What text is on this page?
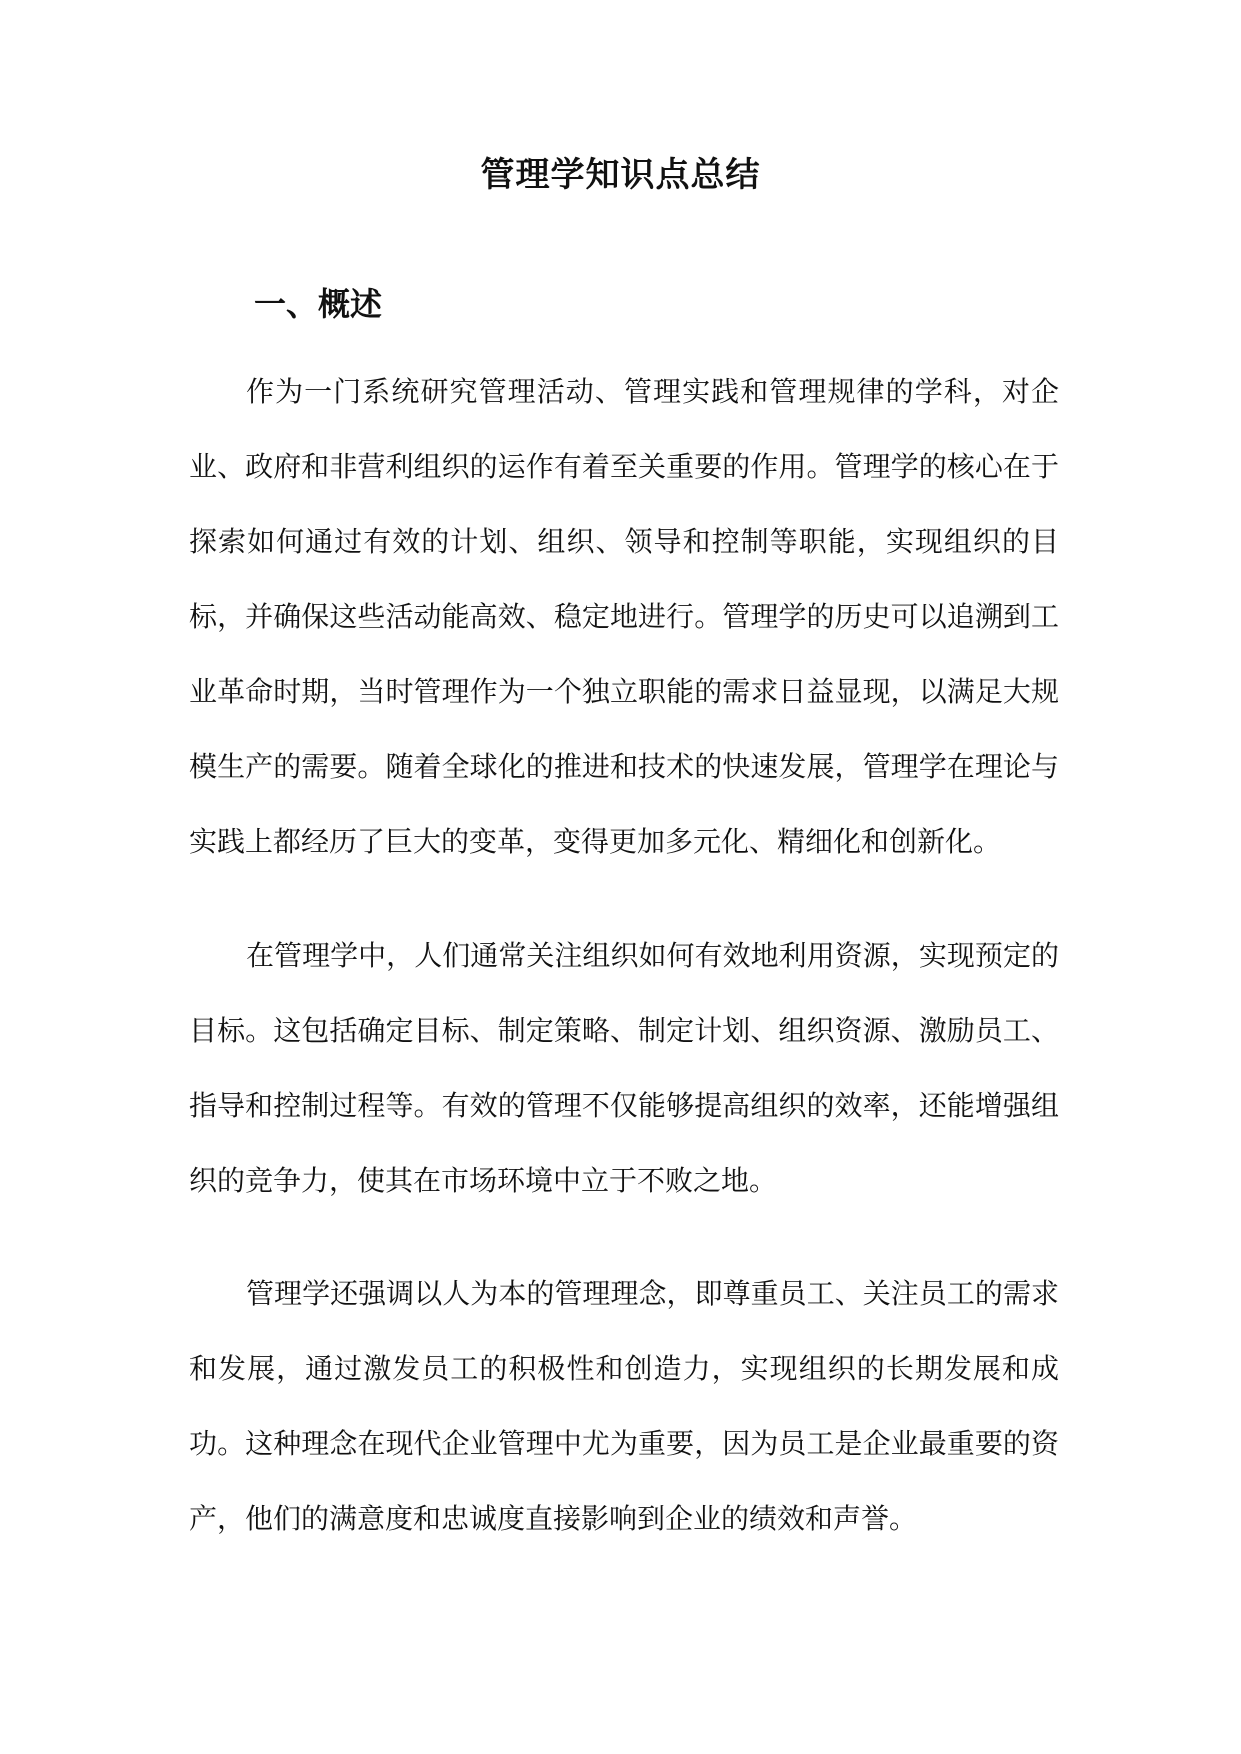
管理学知识点总结
一、概述

作为一门系统研究管理活动、管理实践和管理规律的学科，对企业、政府和非营利组织的运作有着至关重要的作用。管理学的核心在于探索如何通过有效的计划、组织、领导和控制等职能，实现组织的目标，并确保这些活动能高效、稳定地进行。管理学的历史可以追溯到工业革命时期，当时管理作为一个独立职能的需求日益显现，以满足大规模生产的需要。随着全球化的推进和技术的快速发展，管理学在理论与实践上都经历了巨大的变革，变得更加多元化、精细化和创新化。

在管理学中，人们通常关注组织如何有效地利用资源，实现预定的目标。这包括确定目标、制定策略、制定计划、组织资源、激励员工、指导和控制过程等。有效的管理不仅能够提高组织的效率，还能增强组织的竞争力，使其在市场环境中立于不败之地。

管理学还强调以人为本的管理理念，即尊重员工、关注员工的需求和发展，通过激发员工的积极性和创造力，实现组织的长期发展和成功。这种理念在现代企业管理中尤为重要，因为员工是企业最重要的资产，他们的满意度和忠诚度直接影响到企业的绩效和声誉。
